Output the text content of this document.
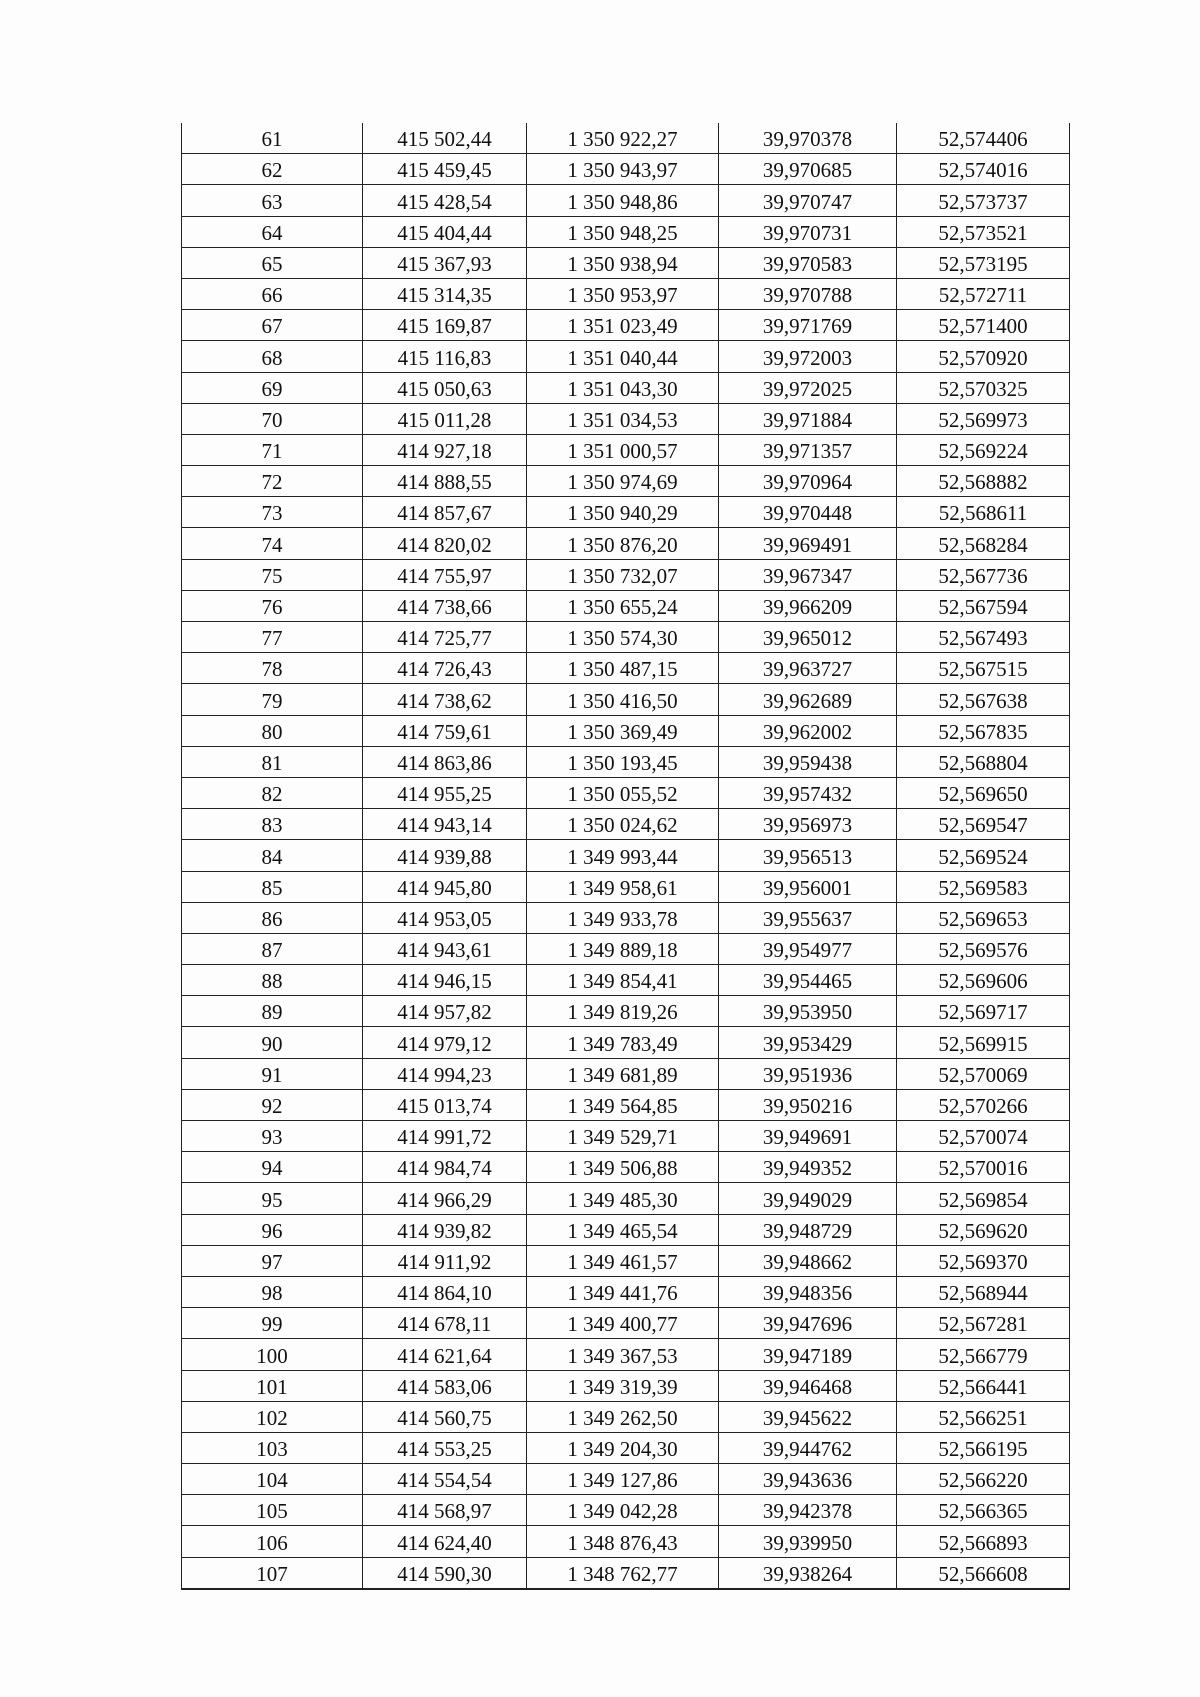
61	415 502,44	1 350 922,27	39,970378	52,574406
62	415 459,45	1 350 943,97	39,970685	52,574016
63	415 428,54	1 350 948,86	39,970747	52,573737
64	415 404,44	1 350 948,25	39,970731	52,573521
65	415 367,93	1 350 938,94	39,970583	52,573195
66	415 314,35	1 350 953,97	39,970788	52,572711
67	415 169,87	1 351 023,49	39,971769	52,571400
68	415 116,83	1 351 040,44	39,972003	52,570920
69	415 050,63	1 351 043,30	39,972025	52,570325
70	415 011,28	1 351 034,53	39,971884	52,569973
71	414 927,18	1 351 000,57	39,971357	52,569224
72	414 888,55	1 350 974,69	39,970964	52,568882
73	414 857,67	1 350 940,29	39,970448	52,568611
74	414 820,02	1 350 876,20	39,969491	52,568284
75	414 755,97	1 350 732,07	39,967347	52,567736
76	414 738,66	1 350 655,24	39,966209	52,567594
77	414 725,77	1 350 574,30	39,965012	52,567493
78	414 726,43	1 350 487,15	39,963727	52,567515
79	414 738,62	1 350 416,50	39,962689	52,567638
80	414 759,61	1 350 369,49	39,962002	52,567835
81	414 863,86	1 350 193,45	39,959438	52,568804
82	414 955,25	1 350 055,52	39,957432	52,569650
83	414 943,14	1 350 024,62	39,956973	52,569547
84	414 939,88	1 349 993,44	39,956513	52,569524
85	414 945,80	1 349 958,61	39,956001	52,569583
86	414 953,05	1 349 933,78	39,955637	52,569653
87	414 943,61	1 349 889,18	39,954977	52,569576
88	414 946,15	1 349 854,41	39,954465	52,569606
89	414 957,82	1 349 819,26	39,953950	52,569717
90	414 979,12	1 349 783,49	39,953429	52,569915
91	414 994,23	1 349 681,89	39,951936	52,570069
92	415 013,74	1 349 564,85	39,950216	52,570266
93	414 991,72	1 349 529,71	39,949691	52,570074
94	414 984,74	1 349 506,88	39,949352	52,570016
95	414 966,29	1 349 485,30	39,949029	52,569854
96	414 939,82	1 349 465,54	39,948729	52,569620
97	414 911,92	1 349 461,57	39,948662	52,569370
98	414 864,10	1 349 441,76	39,948356	52,568944
99	414 678,11	1 349 400,77	39,947696	52,567281
100	414 621,64	1 349 367,53	39,947189	52,566779
101	414 583,06	1 349 319,39	39,946468	52,566441
102	414 560,75	1 349 262,50	39,945622	52,566251
103	414 553,25	1 349 204,30	39,944762	52,566195
104	414 554,54	1 349 127,86	39,943636	52,566220
105	414 568,97	1 349 042,28	39,942378	52,566365
106	414 624,40	1 348 876,43	39,939950	52,566893
107	414 590,30	1 348 762,77	39,938264	52,566608
